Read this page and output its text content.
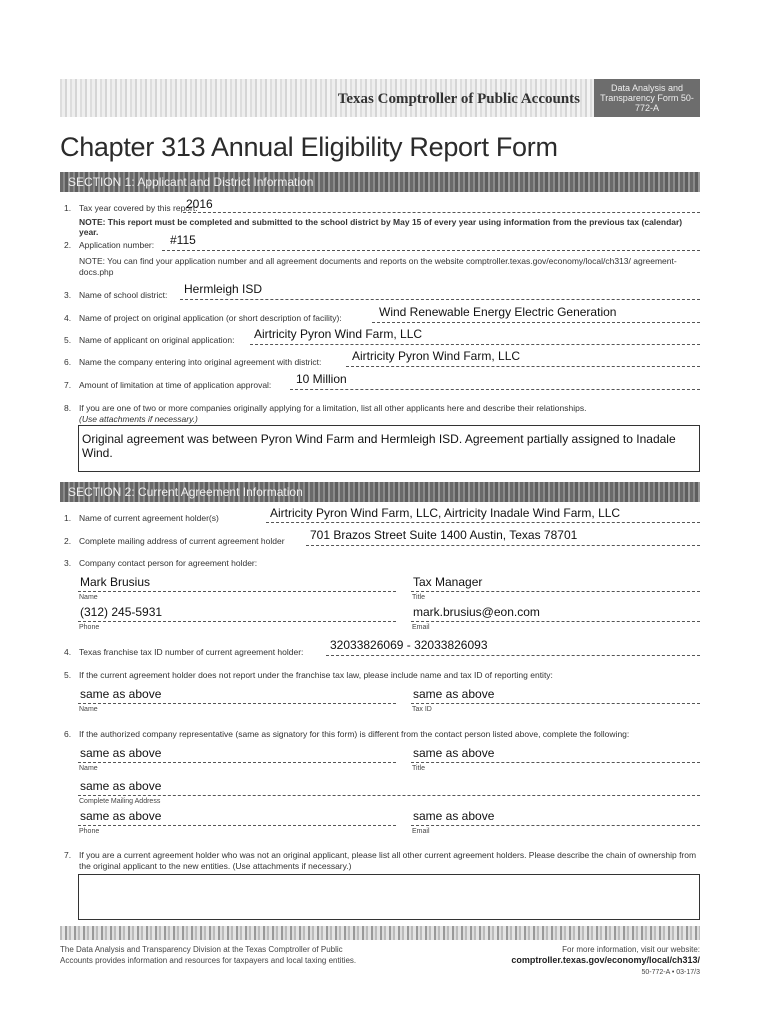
Texas Comptroller of Public Accounts
Data Analysis and Transparency Form 50-772-A
Chapter 313 Annual Eligibility Report Form
SECTION 1: Applicant and District Information
1. Tax year covered by this report:
2016
NOTE: This report must be completed and submitted to the school district by May 15 of every year using information from the previous tax (calendar) year.
2. Application number: #115
NOTE: You can find your application number and all agreement documents and reports on the website comptroller.texas.gov/economy/local/ch313/ agreement-docs.php
3. Name of school district: Hermleigh ISD
4. Name of project on original application (or short description of facility):	Wind Renewable Energy Electric Generation
5. Name of applicant on original application: Airtricity Pyron Wind Farm, LLC
6. Name the company entering into original agreement with district:	Airtricity Pyron Wind Farm, LLC
7. Amount of limitation at time of application approval: 10 Million
8. If you are one of two or more companies originally applying for a limitation, list all other applicants here and describe their relationships.
(Use attachments if necessary.)
Original agreement was between Pyron Wind Farm and Hermleigh ISD. Agreement partially assigned to Inadale Wind.
SECTION 2: Current Agreement Information
1. Name of current agreement holder(s)	Airtricity Pyron Wind Farm, LLC, Airtricity Inadale Wind Farm, LLC
2. Complete mailing address of current agreement holder 701 Brazos Street Suite 1400 Austin, Texas 78701
3. Company contact person for agreement holder:
Mark Brusius
Name
Tax Manager
Title
(312) 245-5931
Phone
mark.brusius@eon.com
Email
4. Texas franchise tax ID number of current agreement holder: 32033826069 - 32033826093
5. If the current agreement holder does not report under the franchise tax law, please include name and tax ID of reporting entity:
same as above
Name
same as above
Tax ID
6. If the authorized company representative (same as signatory for this form) is different from the contact person listed above, complete the following:
same as above
Name
same as above
Title
same as above
Complete Mailing Address
same as above
Phone
same as above
Email
7. If you are a current agreement holder who was not an original applicant, please list all other current agreement holders. Please describe the chain of ownership from the original applicant to the new entities. (Use attachments if necessary.)
The Data Analysis and Transparency Division at the Texas Comptroller of Public Accounts provides information and resources for taxpayers and local taxing entities.
For more information, visit our website:
comptroller.texas.gov/economy/local/ch313/
50-772-A • 03-17/3
